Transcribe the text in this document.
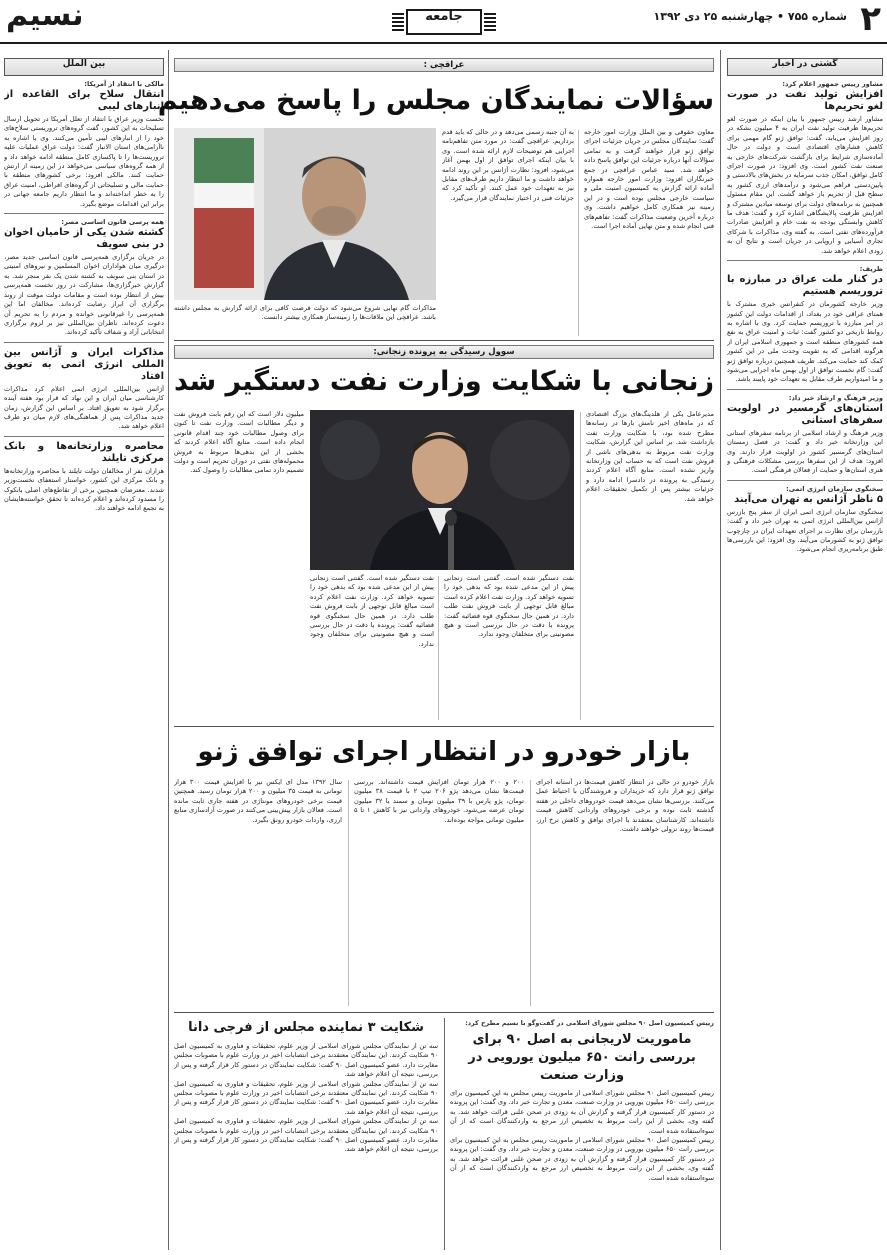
۲
شماره ۷۵۵ • چهارشنبه ۲۵ دی ۱۳۹۲
جامعه
نسیم
گشتی در اخبار
مشاور رییس جمهور اعلام کرد:
افزایش تولید نفت در صورت لغو تحریم‌ها
مشاور ارشد رییس جمهور با بیان اینکه در صورت لغو تحریم‌ها ظرفیت تولید نفت ایران به ۴ میلیون بشکه در روز افزایش می‌یابد، گفت: توافق ژنو گام مهمی برای کاهش فشارهای اقتصادی است و دولت در حال آماده‌سازی شرایط برای بازگشت شرکت‌های خارجی به صنعت نفت کشور است. وی افزود: در صورت اجرای کامل توافق، امکان جذب سرمایه در بخش‌های بالادستی و پایین‌دستی فراهم می‌شود و درآمدهای ارزی کشور به سطح قبل از تحریم باز خواهد گشت. این مقام مسئول همچنین به برنامه‌های دولت برای توسعه میادین مشترک و افزایش ظرفیت پالایشگاهی اشاره کرد و گفت: هدف ما کاهش وابستگی بودجه به نفت خام و افزایش صادرات فرآورده‌های نفتی است. به گفته وی، مذاکرات با شرکای تجاری آسیایی و اروپایی در جریان است و نتایج آن به زودی اعلام خواهد شد.
ظریف:
در کنار ملت عراق در مبارزه با تروریسم هستیم
وزیر خارجه کشورمان در کنفرانس خبری مشترک با همتای عراقی خود در بغداد، از اقدامات دولت این کشور در امر مبارزه با تروریسم حمایت کرد. وی با اشاره به روابط تاریخی دو کشور گفت: ثبات و امنیت عراق به نفع همه کشورهای منطقه است و جمهوری اسلامی ایران از هرگونه اقدامی که به تقویت وحدت ملی در این کشور کمک کند حمایت می‌کند. ظریف همچنین درباره توافق ژنو گفت: گام نخست توافق از اول بهمن ماه اجرایی می‌شود و ما امیدواریم طرف مقابل به تعهدات خود پایبند باشد.
وزیر فرهنگ و ارشاد خبر داد:
استان‌های گرمسیر در اولویت سفرهای استانی
وزیر فرهنگ و ارشاد اسلامی از برنامه سفرهای استانی این وزارتخانه خبر داد و گفت: در فصل زمستان استان‌های گرمسیر کشور در اولویت قرار دارند. وی افزود: هدف از این سفرها بررسی مشکلات فرهنگی و هنری استان‌ها و حمایت از فعالان فرهنگی است.
سخنگوی سازمان انرژی اتمی:
۵ ناظر آژانس به تهران می‌آیند
سخنگوی سازمان انرژی اتمی ایران از سفر پنج بازرس آژانس بین‌المللی انرژی اتمی به تهران خبر داد و گفت: بازرسان برای نظارت بر اجرای تعهدات ایران در چارچوب توافق ژنو به کشورمان می‌آیند. وی افزود: این بازرسی‌ها طبق برنامه‌ریزی انجام می‌شود.
بین الملل
مالکی با انتقاد از آمریکا:
انتقال سلاح برای القاعده از انبارهای لیبی
نخست وزیر عراق با انتقاد از تعلل آمریکا در تحویل ارسال تسلیحات به این کشور، گفت گروه‌های تروریستی سلاح‌های خود را از انبارهای لیبی تأمین می‌کنند. وی با اشاره به ناآرامی‌های استان الانبار گفت: دولت عراق عملیات علیه تروریست‌ها را تا پاکسازی کامل منطقه ادامه خواهد داد و از همه گروه‌های سیاسی می‌خواهد در این زمینه از ارتش حمایت کنند. مالکی افزود: برخی کشورهای منطقه با حمایت مالی و تسلیحاتی از گروه‌های افراطی، امنیت عراق را به خطر انداخته‌اند و ما انتظار داریم جامعه جهانی در برابر این اقدامات موضع بگیرد.
همه پرسی قانون اساسی مصر:
کشته شدن یکی از حامیان اخوان در بنی سویف
در جریان برگزاری همه‌پرسی قانون اساسی جدید مصر، درگیری میان هواداران اخوان المسلمین و نیروهای امنیتی در استان بنی سویف به کشته شدن یک نفر منجر شد. به گزارش خبرگزاری‌ها، مشارکت در روز نخست همه‌پرسی بیش از انتظار بوده است و مقامات دولت موقت از روند برگزاری آن ابراز رضایت کرده‌اند. مخالفان اما این همه‌پرسی را غیرقانونی خوانده و مردم را به تحریم آن دعوت کرده‌اند. ناظران بین‌المللی نیز بر لزوم برگزاری انتخاباتی آزاد و شفاف تأکید کرده‌اند.
مذاکرات ایران و آژانس بین المللی انرژی اتمی به تعویق افتاد
آژانس بین‌المللی انرژی اتمی اعلام کرد مذاکرات کارشناسی میان ایران و این نهاد که قرار بود هفته آینده برگزار شود به تعویق افتاد. بر اساس این گزارش، زمان جدید مذاکرات پس از هماهنگی‌های لازم میان دو طرف اعلام خواهد شد.
محاصره وزارتخانه‌ها و بانک مرکزی تایلند
هزاران نفر از مخالفان دولت تایلند با محاصره وزارتخانه‌ها و بانک مرکزی این کشور، خواستار استعفای نخست‌وزیر شدند. معترضان همچنین برخی از تقاطع‌های اصلی بانکوک را مسدود کرده‌اند و اعلام کرده‌اند تا تحقق خواسته‌هایشان به تجمع ادامه خواهند داد.
عراقچی :
سؤالات نمایندگان مجلس را پاسخ می‌دهیم
معاون حقوقی و بین الملل وزارت امور خارجه گفت: نمایندگان مجلس در جریان جزئیات اجرای توافق ژنو قرار خواهند گرفت و به تمامی سؤالات آنها درباره جزئیات این توافق پاسخ داده خواهد شد. سید عباس عراقچی در جمع خبرنگاران افزود: وزارت امور خارجه همواره آماده ارائه گزارش به کمیسیون امنیت ملی و سیاست خارجی مجلس بوده است و در این زمینه نیز همکاری کامل خواهیم داشت. وی درباره آخرین وضعیت مذاکرات گفت: تفاهم‌های فنی انجام شده و متن نهایی آماده اجرا است.
به آن جنبه رسمی می‌دهد و در حالی که باید قدم برداریم. عراقچی گفت: در مورد متن تفاهم‌نامه اجرایی هم توضیحات لازم ارائه شده است. وی با بیان اینکه اجرای توافق از اول بهمن آغاز می‌شود، افزود: نظارت آژانس بر این روند ادامه خواهد داشت و ما انتظار داریم طرف‌های مقابل نیز به تعهدات خود عمل کنند. او تأکید کرد که جزئیات فنی در اختیار نمایندگان قرار می‌گیرد.
مذاکرات گام نهایی شروع می‌شود که دولت فرصت کافی برای ارائه گزارش به مجلس داشته باشد. عراقچی این ملاقات‌ها را زمینه‌ساز همکاری بیشتر دانست.
سوول رسیدگی به پرونده زنجانی:
زنجانی با شکایت وزارت نفت دستگیر شد
مدیرعامل یکی از هلدینگ‌های بزرگ اقتصادی که در ماه‌های اخیر نامش بارها در رسانه‌ها مطرح شده بود، با شکایت وزارت نفت بازداشت شد. بر اساس این گزارش، شکایت وزارت نفت مربوط به بدهی‌های ناشی از فروش نفت است که به حساب این وزارتخانه واریز نشده است. منابع آگاه اعلام کردند رسیدگی به پرونده در دادسرا ادامه دارد و جزئیات بیشتر پس از تکمیل تحقیقات اعلام خواهد شد.
نفت دستگیر شده است. گفتنی است زنجانی پیش از این مدعی شده بود که بدهی خود را تسویه خواهد کرد. وزارت نفت اعلام کرده است مبالغ قابل توجهی از بابت فروش نفت طلب دارد. در همین حال سخنگوی قوه قضائیه گفت: پرونده با دقت در حال بررسی است و هیچ مصونیتی برای متخلفان وجود ندارد.
میلیون دلار است که این رقم بابت فروش نفت و دیگر مطالبات است. وزارت نفت تا کنون برای وصول مطالبات خود چند اقدام قانونی انجام داده است. منابع آگاه اعلام کردند که بخشی از این بدهی‌ها مربوط به فروش محموله‌های نفتی در دوران تحریم است و دولت تصمیم دارد تمامی مطالبات را وصول کند.
نفت دستگیر شده است. گفتنی است زنجانی پیش از این مدعی شده بود که بدهی خود را تسویه خواهد کرد. وزارت نفت اعلام کرده است مبالغ قابل توجهی از بابت فروش نفت طلب دارد. در همین حال سخنگوی قوه قضائیه گفت: پرونده با دقت در حال بررسی است و هیچ مصونیتی برای متخلفان وجود ندارد.
بازار خودرو در انتظار اجرای توافق ژنو
بازار خودرو در حالی در انتظار کاهش قیمت‌ها در آستانه اجرای توافق ژنو قرار دارد که خریداران و فروشندگان با احتیاط عمل می‌کنند. بررسی‌ها نشان می‌دهد قیمت خودروهای داخلی در هفته گذشته ثابت بوده و برخی خودروهای وارداتی کاهش قیمت داشته‌اند. کارشناسان معتقدند با اجرای توافق و کاهش نرخ ارز، قیمت‌ها روند نزولی خواهند داشت.
۲۰۰ و ۲۰۰ هزار تومان افزایش قیمت داشته‌اند. بررسی قیمت‌ها نشان می‌دهد پژو ۲۰۶ تیپ ۲ با قیمت ۳۸ میلیون تومان، پژو پارس با ۳۹ میلیون تومان و سمند با ۳۲ میلیون تومان عرضه می‌شود. خودروهای وارداتی نیز با کاهش ۱ تا ۵ میلیون تومانی مواجه بوده‌اند.
سال ۱۳۹۲ مدل ای ایکس نیز با افزایش قیمت ۳۰۰ هزار تومانی به قیمت ۳۵ میلیون و ۲۰۰ هزار تومان رسید. همچنین قیمت برخی خودروهای مونتاژی در هفته جاری ثابت مانده است. فعالان بازار پیش‌بینی می‌کنند در صورت آزادسازی منابع ارزی، واردات خودرو رونق بگیرد.
رییس کمیسیون اصل ۹۰ مجلس شورای اسلامی در گفت‌وگو با نسیم مطرح کرد:
ماموریت لاریجانی به اصل ۹۰ برای بررسی رانت ۶۵۰ میلیون یورویی در وزارت صنعت
رییس کمیسیون اصل ۹۰ مجلس شورای اسلامی از ماموریت رییس مجلس به این کمیسیون برای بررسی رانت ۶۵۰ میلیون یورویی در وزارت صنعت، معدن و تجارت خبر داد. وی گفت: این پرونده در دستور کار کمیسیون قرار گرفته و گزارش آن به زودی در صحن علنی قرائت خواهد شد. به گفته وی، بخشی از این رانت مربوط به تخصیص ارز مرجع به واردکنندگان است که از آن سوءاستفاده شده است.
رییس کمیسیون اصل ۹۰ مجلس شورای اسلامی از ماموریت رییس مجلس به این کمیسیون برای بررسی رانت ۶۵۰ میلیون یورویی در وزارت صنعت، معدن و تجارت خبر داد. وی گفت: این پرونده در دستور کار کمیسیون قرار گرفته و گزارش آن به زودی در صحن علنی قرائت خواهد شد. به گفته وی، بخشی از این رانت مربوط به تخصیص ارز مرجع به واردکنندگان است که از آن سوءاستفاده شده است.
شکایت ۳ نماینده مجلس از فرجی دانا
سه تن از نمایندگان مجلس شورای اسلامی از وزیر علوم، تحقیقات و فناوری به کمیسیون اصل ۹۰ شکایت کردند. این نمایندگان معتقدند برخی انتصابات اخیر در وزارت علوم با مصوبات مجلس مغایرت دارد. عضو کمیسیون اصل ۹۰ گفت: شکایت نمایندگان در دستور کار قرار گرفته و پس از بررسی، نتیجه آن اعلام خواهد شد.
سه تن از نمایندگان مجلس شورای اسلامی از وزیر علوم، تحقیقات و فناوری به کمیسیون اصل ۹۰ شکایت کردند. این نمایندگان معتقدند برخی انتصابات اخیر در وزارت علوم با مصوبات مجلس مغایرت دارد. عضو کمیسیون اصل ۹۰ گفت: شکایت نمایندگان در دستور کار قرار گرفته و پس از بررسی، نتیجه آن اعلام خواهد شد.
سه تن از نمایندگان مجلس شورای اسلامی از وزیر علوم، تحقیقات و فناوری به کمیسیون اصل ۹۰ شکایت کردند. این نمایندگان معتقدند برخی انتصابات اخیر در وزارت علوم با مصوبات مجلس مغایرت دارد. عضو کمیسیون اصل ۹۰ گفت: شکایت نمایندگان در دستور کار قرار گرفته و پس از بررسی، نتیجه آن اعلام خواهد شد.
